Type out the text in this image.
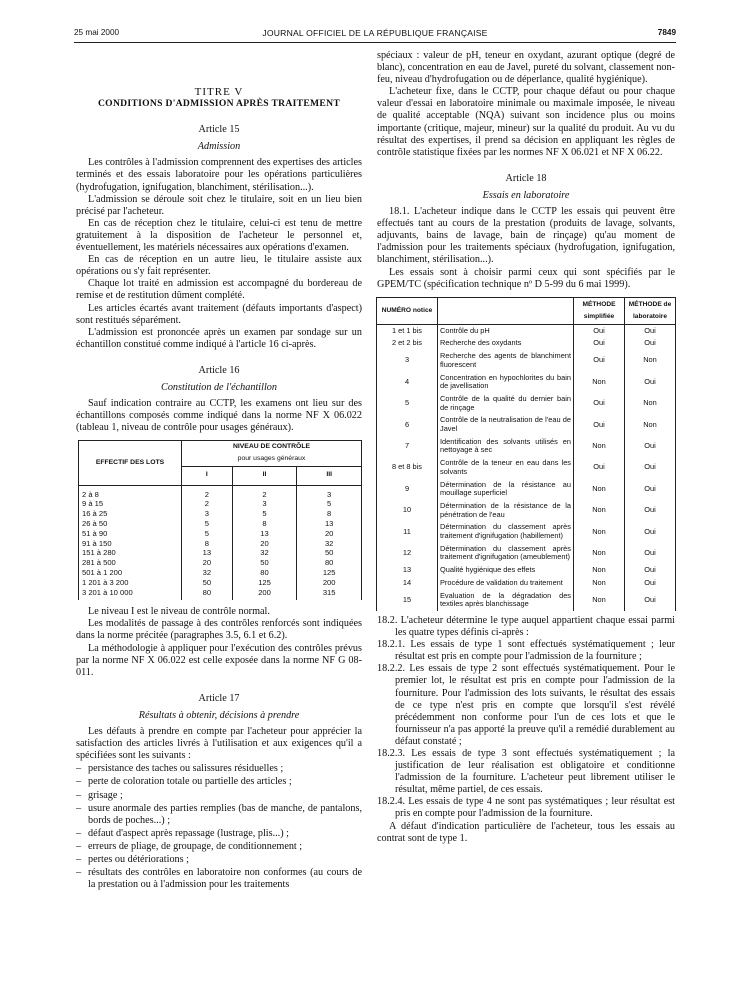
25 mai 2000	JOURNAL OFFICIEL DE LA RÉPUBLIQUE FRANÇAISE	7849

TITRE V

CONDITIONS D'ADMISSION APRÈS TRAITEMENT

Article 15

Admission

Les contrôles à l'admission comprennent des expertises des articles terminés et des essais laboratoire pour les opérations particulières (hydrofugation, ignifugation, blanchiment, stérilisation...).

L'admission se déroule soit chez le titulaire, soit en un lieu bien précisé par l'acheteur.

En cas de réception chez le titulaire, celui-ci est tenu de mettre gratuitement à la disposition de l'acheteur le personnel et, éventuellement, les matériels nécessaires aux opérations d'examen.

En cas de réception en un autre lieu, le titulaire assiste aux opérations ou s'y fait représenter.

Chaque lot traité en admission est accompagné du bordereau de remise et de restitution dûment complété.

Les articles écartés avant traitement (défauts importants d'aspect) sont restitués séparément.

L'admission est prononcée après un examen par sondage sur un échantillon constitué comme indiqué à l'article 16 ci-après.

Article 16

Constitution de l'échantillon

Sauf indication contraire au CCTP, les examens ont lieu sur des échantillons composés comme indiqué dans la norme NF X 06.022 (tableau 1, niveau de contrôle pour usages généraux).

EFFECTIF DES LOTS	NIVEAU DE CONTRÔLE
pour usages généraux		
	I	II	III
2 à 8	2	2	3
9 à 15	2	3	5
16 à 25	3	5	8
26 à 50	5	8	13
51 à 90	5	13	20
91 à 150	8	20	32
151 à 280	13	32	50
281 à 500	20	50	80
501 à 1 200	32	80	125
1 201 à 3 200	50	125	200
3 201 à 10 000	80	200	315

Le niveau I est le niveau de contrôle normal.

Les modalités de passage à des contrôles renforcés sont indiquées dans la norme précitée (paragraphes 3.5, 6.1 et 6.2).

La méthodologie à appliquer pour l'exécution des contrôles prévus par la norme NF X 06.022 est celle exposée dans la norme NF G 08-011.

Article 17

Résultats à obtenir, décisions à prendre

Les défauts à prendre en compte par l'acheteur pour apprécier la satisfaction des articles livrés à l'utilisation et aux exigences qu'il a spécifiées sont les suivants :

– persistance des taches ou salissures résiduelles ;
– perte de coloration totale ou partielle des articles ;
– grisage ;
– usure anormale des parties remplies (bas de manche, de pantalons, bords de poches...) ;
– défaut d'aspect après repassage (lustrage, plis...) ;
– erreurs de pliage, de groupage, de conditionnement ;
– pertes ou détériorations ;
– résultats des contrôles en laboratoire non conformes (au cours de la prestation ou à l'admission pour les traitements

spéciaux : valeur de pH, teneur en oxydant, azurant optique (degré de blanc), concentration en eau de Javel, pureté du solvant, classement non-feu, niveau d'hydrofugation ou de déperlance, qualité hygiénique).

L'acheteur fixe, dans le CCTP, pour chaque défaut ou pour chaque valeur d'essai en laboratoire minimale ou maximale imposée, le niveau de qualité acceptable (NQA) suivant son incidence plus ou moins importante (critique, majeur, mineur) sur la qualité du produit. Au vu du résultat des expertises, il prend sa décision en appliquant les règles de contrôle statistique fixées par les normes NF X 06.021 et NF X 06.22.

Article 18

Essais en laboratoire

18.1. L'acheteur indique dans le CCTP les essais qui peuvent être effectués tant au cours de la prestation (produits de lavage, solvants, adjuvants, bains de lavage, bain de rinçage) qu'au moment de l'admission pour les traitements spéciaux (hydrofugation, ignifugation, blanchiment, stérilisation...).

Les essais sont à choisir parmi ceux qui sont spécifiés par le GPEM/TC (spécification technique nº D 5-99 du 6 mai 1999).

NUMÉRO notice		MÉTHODE simplifiée	MÉTHODE de laboratoire
1 et 1 bis	Contrôle du pH	Oui	Oui
2 et 2 bis	Recherche des oxydants	Oui	Oui
3	Recherche des agents de blanchiment fluorescent	Oui	Non
4	Concentration en hypochlorites du bain de javellisation	Non	Oui
5	Contrôle de la qualité du dernier bain de rinçage	Oui	Non
6	Contrôle de la neutralisation de l'eau de Javel	Oui	Non
7	Identification des solvants utilisés en nettoyage à sec	Non	Oui
8 et 8 bis	Contrôle de la teneur en eau dans les solvants	Oui	Oui
9	Détermination de la résistance au mouillage superficiel	Non	Oui
10	Détermination de la résistance de la pénétration de l'eau	Non	Oui
11	Détermination du classement après traitement d'ignifugation (habillement)	Non	Oui
12	Détermination du classement après traitement d'ignifugation (ameublement)	Non	Oui
13	Qualité hygiénique des effets	Non	Oui
14	Procédure de validation du traitement	Non	Oui
15	Evaluation de la dégradation des textiles après blanchissage	Non	Oui

18.2. L'acheteur détermine le type auquel appartient chaque essai parmi les quatre types définis ci-après :

18.2.1. Les essais de type 1 sont effectués systématiquement ; leur résultat est pris en compte pour l'admission de la fourniture ;

18.2.2. Les essais de type 2 sont effectués systématiquement. Pour le premier lot, le résultat est pris en compte pour l'admission de la fourniture. Pour l'admission des lots suivants, le résultat des essais de ce type n'est pris en compte que lorsqu'il s'est révélé précédemment non conforme pour l'un de ces lots et que le fournisseur n'a pas apporté la preuve qu'il a remédié durablement au défaut constaté ;

18.2.3. Les essais de type 3 sont effectués systématiquement ; la justification de leur réalisation est obligatoire et conditionne l'admission de la fourniture. L'acheteur peut librement utiliser le résultat, même partiel, de ces essais.

18.2.4. Les essais de type 4 ne sont pas systématiques ; leur résultat est pris en compte pour l'admission de la fourniture.

A défaut d'indication particulière de l'acheteur, tous les essais au contrat sont de type 1.
